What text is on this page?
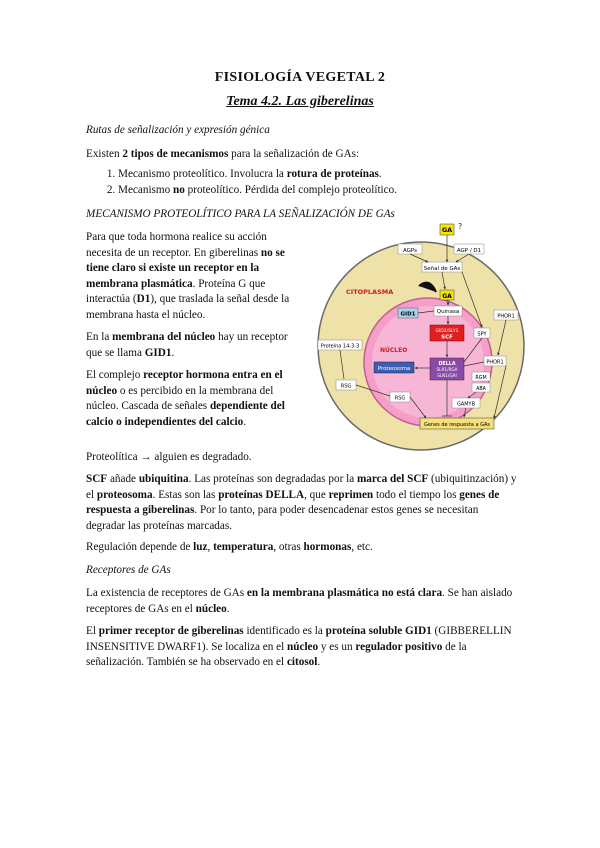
FISIOLOGÍA VEGETAL 2
Tema 4.2. Las giberelinas
Rutas de señalización y expresión génica
Existen 2 tipos de mecanismos para la señalización de GAs:
1. Mecanismo proteolítico. Involucra la rotura de proteínas.
2. Mecanismo no proteolítico. Pérdida del complejo proteolítico.
MECANISMO PROTEOLÍTICO PARA LA SEÑALIZACIÓN DE GAs
Para que toda hormona realice su acción necesita de un receptor. En giberelinas no se tiene claro si existe un receptor en la membrana plasmática. Proteína G que interactúa (D1), que traslada la señal desde la membrana hasta el núcleo.
En la membrana del núcleo hay un receptor que se llama GID1.
El complejo receptor hormona entra en el núcleo o es percibido en la membrana del núcleo. Cascada de señales dependiente del calcio o independientes del calcio.
Proteolítica → alguien es degradado.
SCF añade ubiquitina. Las proteínas son degradadas por la marca del SCF (ubiquitinzación) y el proteosoma. Estas son las proteínas DELLA, que reprimen todo el tiempo los genes de respuesta a giberelinas. Por lo tanto, para poder desencadenar estos genes se necesitan degradar las proteínas marcadas.
Regulación depende de luz, temperatura, otras hormonas, etc.
Receptores de GAs
La existencia de receptores de GAs en la membrana plasmática no está clara. Se han aislado receptores de GAs en el núcleo.
El primer receptor de giberelinas identificado es la proteína soluble GID1 (GIBBERELLIN INSENSITIVE DWARF1). Se localiza en el núcleo y es un regulador positivo de la señalización. También se ha observado en el citosol.
GA ?
AGPs	AGP / D1
Señal de GAs
CITOPLASMA
GA
Quinasa
GID1
GID2/SLY1
SCF	SPY
PHOR1
Proteína 14-3-3
NÚCLEO
Proteosoma
DELLA
SLR1/RGA
SLN1/GAI
PHOR1
RGM
ABA
RSG
RSG
GAMYB
Genes de respuesta a GAs
